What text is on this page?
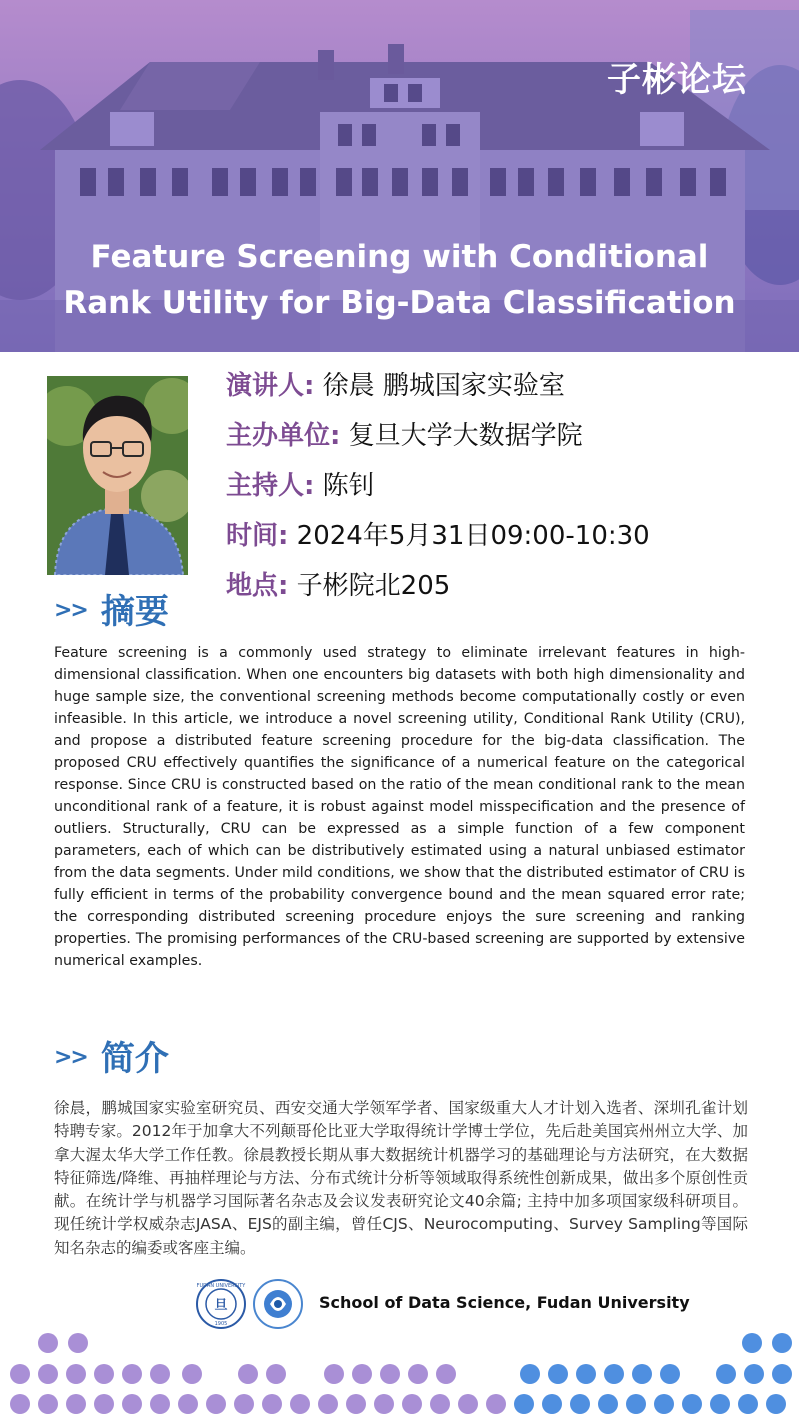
子彬论坛
Feature Screening with Conditional
Rank Utility for Big-Data Classification
演讲人: 徐晨 鹏城国家实验室
主办单位: 复旦大学大数据学院
主持人: 陈钊
时间: 2024年5月31日09:00-10:30
地点: 子彬院北205
>> 摘要
Feature screening is a commonly used strategy to eliminate irrelevant features in high-dimensional classification. When one encounters big datasets with both high dimensionality and huge sample size, the conventional screening methods become computationally costly or even infeasible. In this article, we introduce a novel screening utility, Conditional Rank Utility (CRU), and propose a distributed feature screening procedure for the big-data classification. The proposed CRU effectively quantifies the significance of a numerical feature on the categorical response. Since CRU is constructed based on the ratio of the mean conditional rank to the mean unconditional rank of a feature, it is robust against model misspecification and the presence of outliers. Structurally, CRU can be expressed as a simple function of a few component parameters, each of which can be distributively estimated using a natural unbiased estimator from the data segments. Under mild conditions, we show that the distributed estimator of CRU is fully efficient in terms of the probability convergence bound and the mean squared error rate; the corresponding distributed screening procedure enjoys the sure screening and ranking properties. The promising performances of the CRU-based screening are supported by extensive numerical examples.
>> 简介
徐晨，鹏城国家实验室研究员、西安交通大学领军学者、国家级重大人才计划入选者、深圳孔雀计划特聘专家。2012年于加拿大不列颠哥伦比亚大学取得统计学博士学位，先后赴美国宾州州立大学、加拿大渥太华大学工作任教。徐晨教授长期从事大数据统计机器学习的基础理论与方法研究，在大数据特征筛选/降维、再抽样理论与方法、分布式统计分析等领域取得系统性创新成果，做出多个原创性贡献。在统计学与机器学习国际著名杂志及会议发表研究论文40余篇; 主持中加多项国家级科研项目。现任统计学权威杂志JASA、EJS的副主编，曾任CJS、Neurocomputing、Survey Sampling等国际知名杂志的编委或客座主编。
旦
FUDAN UNIVERSITY
1905
School of Data Science, Fudan University
